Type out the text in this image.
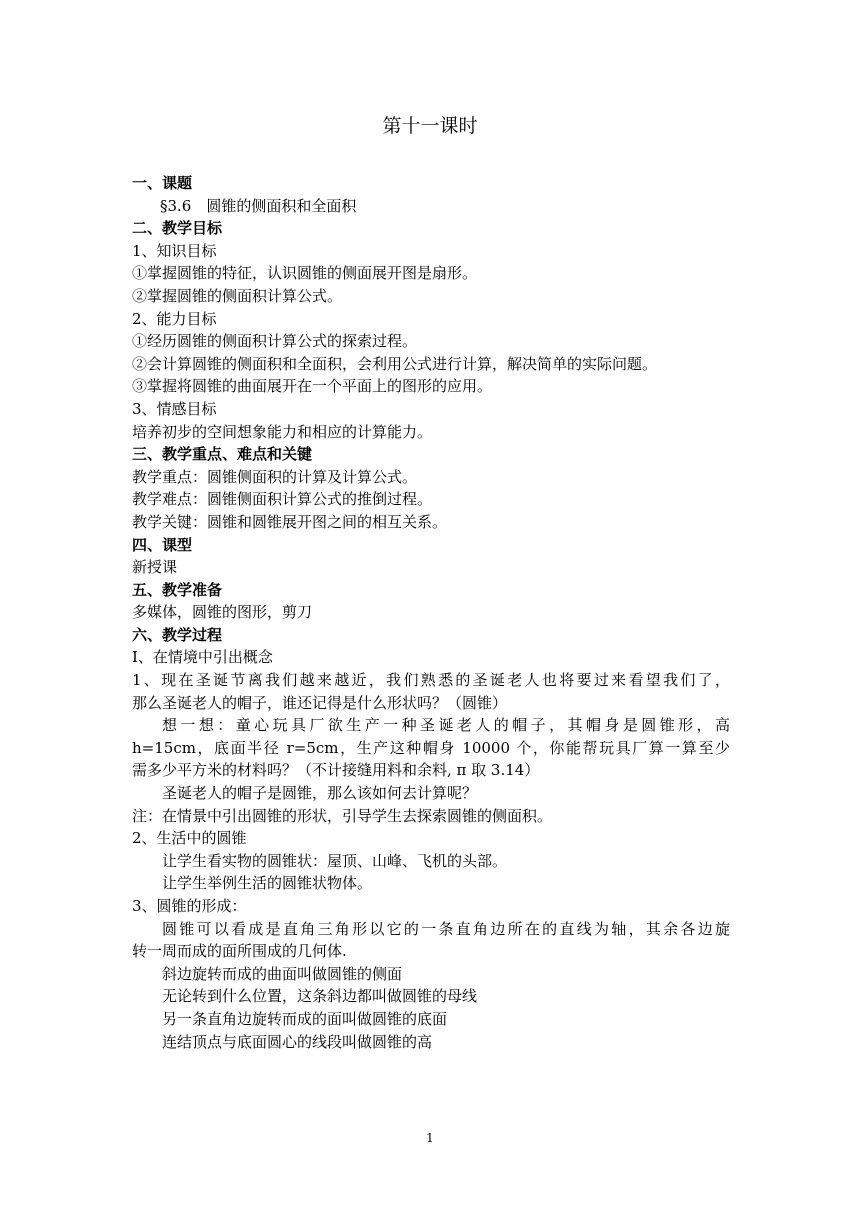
第十一课时
一、课题
§3.6　圆锥的侧面积和全面积
二、教学目标
1、知识目标
①掌握圆锥的特征，认识圆锥的侧面展开图是扇形。
②掌握圆锥的侧面积计算公式。
2、能力目标
①经历圆锥的侧面积计算公式的探索过程。
②会计算圆锥的侧面积和全面积，会利用公式进行计算，解决简单的实际问题。
③掌握将圆锥的曲面展开在一个平面上的图形的应用。
3、情感目标
培养初步的空间想象能力和相应的计算能力。
三、教学重点、难点和关键
教学重点：圆锥侧面积的计算及计算公式。
教学难点：圆锥侧面积计算公式的推倒过程。
教学关键：圆锥和圆锥展开图之间的相互关系。
四、课型
新授课
五、教学准备
多媒体，圆锥的图形，剪刀
六、教学过程
Ⅰ、在情境中引出概念
1、现在圣诞节离我们越来越近，我们熟悉的圣诞老人也将要过来看望我们了，
那么圣诞老人的帽子，谁还记得是什么形状吗？（圆锥）
想一想：童心玩具厂欲生产一种圣诞老人的帽子，其帽身是圆锥形，高
h=15cm，底面半径 r=5cm，生产这种帽身 10000 个，你能帮玩具厂算一算至少
需多少平方米的材料吗？（不计接缝用料和余料, π 取 3.14）
圣诞老人的帽子是圆锥，那么该如何去计算呢？
注：在情景中引出圆锥的形状，引导学生去探索圆锥的侧面积。
2、生活中的圆锥
让学生看实物的圆锥状：屋顶、山峰、飞机的头部。
让学生举例生活的圆锥状物体。
3、圆锥的形成：
圆锥可以看成是直角三角形以它的一条直角边所在的直线为轴，其余各边旋
转一周而成的面所围成的几何体.
斜边旋转而成的曲面叫做圆锥的侧面
无论转到什么位置，这条斜边都叫做圆锥的母线
另一条直角边旋转而成的面叫做圆锥的底面
连结顶点与底面圆心的线段叫做圆锥的高
1
